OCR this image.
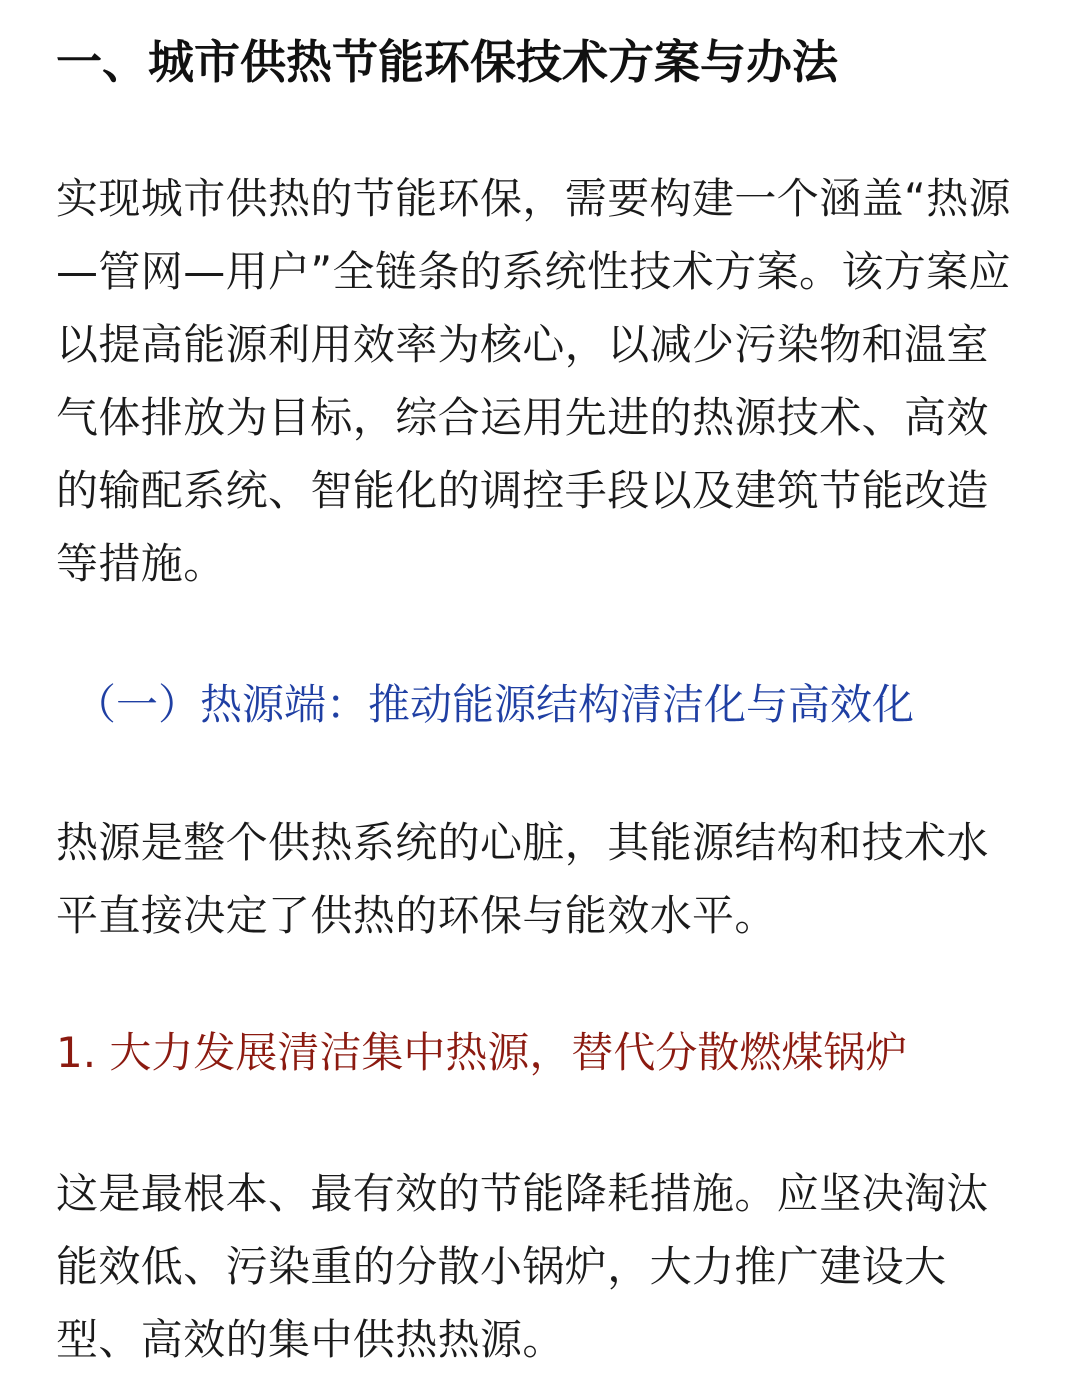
一、城市供热节能环保技术方案与办法
实现城市供热的节能环保，需要构建一个涵盖“热源—管网—用户”全链条的系统性技术方案。该方案应以提高能源利用效率为核心，以减少污染物和温室气体排放为目标，综合运用先进的热源技术、高效的输配系统、智能化的调控手段以及建筑节能改造等措施。
（一）热源端：推动能源结构清洁化与高效化
热源是整个供热系统的心脏，其能源结构和技术水平直接决定了供热的环保与能效水平。
1. 大力发展清洁集中热源，替代分散燃煤锅炉
这是最根本、最有效的节能降耗措施。应坚决淘汰能效低、污染重的分散小锅炉，大力推广建设大型、高效的集中供热热源。
